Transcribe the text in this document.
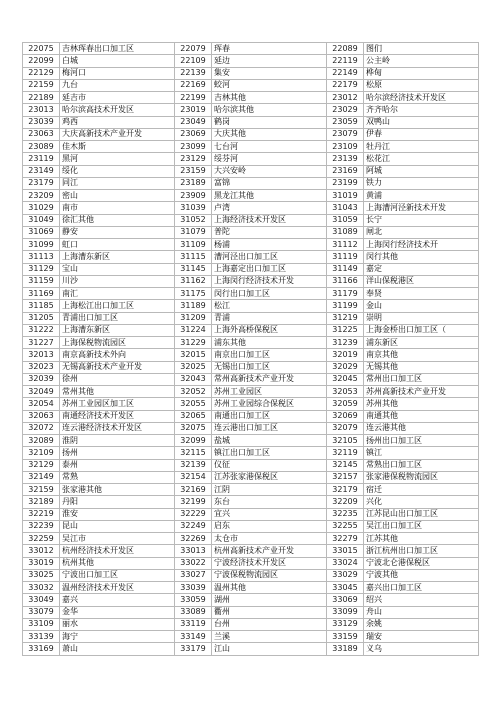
22075	吉林珲春出口加工区	22079	珲春	22089	图们
22099	白城	22109	延边	22119	公主岭
22129	梅河口	22139	集安	22149	桦甸
22159	九台	22169	蛟河	22179	松原
22189	延吉市	22199	吉林其他	23012	哈尔滨经济技术开发区
23013	哈尔滨高技术开发区	23019	哈尔滨其他	23029	齐齐哈尔
23039	鸡西	23049	鹤岗	23059	双鸭山
23063	大庆高新技术产业开发	23069	大庆其他	23079	伊春
23089	佳木斯	23099	七台河	23109	牡丹江
23119	黑河	23129	绥芬河	23139	松花江
23149	绥化	23159	大兴安岭	23169	阿城
23179	同江	23189	富锦	23199	铁力
23209	密山	23909	黑龙江其他	31019	黄浦
31029	南市	31039	卢湾	31043	上海漕河泾新技术开发
31049	徐汇其他	31052	上海经济技术开发区	31059	长宁
31069	静安	31079	普陀	31089	闸北
31099	虹口	31109	杨浦	31112	上海闵行经济技术开
31113	上海漕东新区	31115	漕河泾出口加工区	31119	闵行其他
31129	宝山	31145	上海嘉定出口加工区	31149	嘉定
31159	川沙	31162	上海闵行经济技术开发	31166	洋山保税港区
31169	南汇	31175	闵行出口加工区	31179	奉贤
31185	上海松江出口加工区	31189	松江	31199	金山
31205	青浦出口加工区	31209	青浦	31219	崇明
31222	上海漕东新区	31224	上海外高桥保税区	31225	上海金桥出口加工区（
31227	上海保税物流园区	31229	浦东其他	31239	浦东新区
32013	南京高新技术外向	32015	南京出口加工区	32019	南京其他
32023	无锡高新技术产业开发	32025	无锡出口加工区	32029	无锡其他
32039	徐州	32043	常州高新技术产业开发	32045	常州出口加工区
32049	常州其他	32052	苏州工业园区	32053	苏州高新技术产业开发
32054	苏州工业园区加工区	32055	苏州工业园综合保税区	32059	苏州其他
32063	南通经济技术开发区	32065	南通出口加工区	32069	南通其他
32072	连云港经济技术开发区	32075	连云港出口加工区	32079	连云港其他
32089	淮阴	32099	盐城	32105	扬州出口加工区
32109	扬州	32115	镇江出口加工区	32119	镇江
32129	泰州	32139	仪征	32145	常熟出口加工区
32149	常熟	32154	江苏张家港保税区	32157	张家港保税物流园区
32159	张家港其他	32169	江阴	32179	宿迁
32189	丹阳	32199	东台	32209	兴化
32219	淮安	32229	宜兴	32235	江苏昆山出口加工区
32239	昆山	32249	启东	32255	吴江出口加工区
32259	吴江市	32269	太仓市	32279	江苏其他
33012	杭州经济技术开发区	33013	杭州高新技术产业开发	33015	浙江杭州出口加工区
33019	杭州其他	33022	宁波经济技术开发区	33024	宁波北仑港保税区
33025	宁波出口加工区	33027	宁波保税物流园区	33029	宁波其他
33032	温州经济技术开发区	33039	温州其他	33045	嘉兴出口加工区
33049	嘉兴	33059	湖州	33069	绍兴
33079	金华	33089	衢州	33099	舟山
33109	丽水	33119	台州	33129	余姚
33139	海宁	33149	兰溪	33159	瑞安
33169	萧山	33179	江山	33189	义乌
